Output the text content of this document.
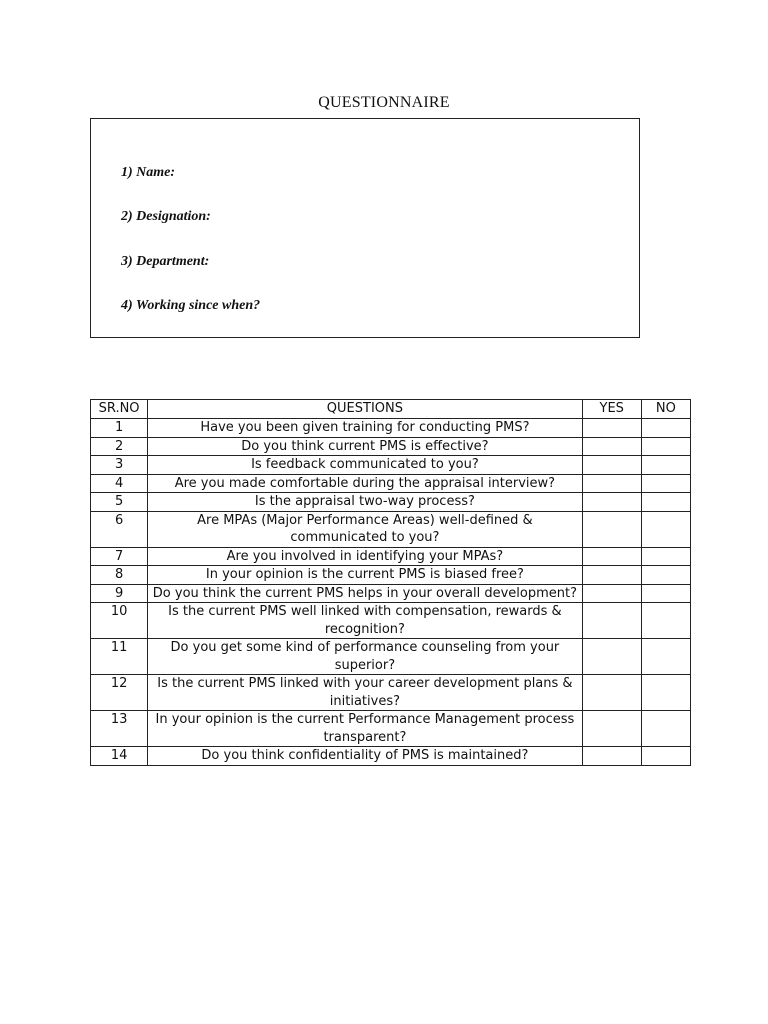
QUESTIONNAIRE
1) Name:
2) Designation:
3) Department:
4) Working since when?
SR.NO	QUESTIONS	YES	NO
1	Have you been given training for conducting PMS?		
2	Do you think current PMS is effective?		
3	Is feedback communicated to you?		
4	Are you made comfortable during the appraisal interview?		
5	Is the appraisal two-way process?		
6	Are MPAs (Major Performance Areas) well-defined & communicated to you?		
7	Are you involved in identifying your MPAs?		
8	In your opinion is the current PMS is biased free?		
9	Do you think the current PMS helps in your overall development?		
10	Is the current PMS well linked with compensation, rewards & recognition?		
11	Do you get some kind of performance counseling from your superior?		
12	Is the current PMS linked with your career development plans & initiatives?		
13	In your opinion is the current Performance Management process transparent?		
14	Do you think confidentiality of PMS is maintained?		
